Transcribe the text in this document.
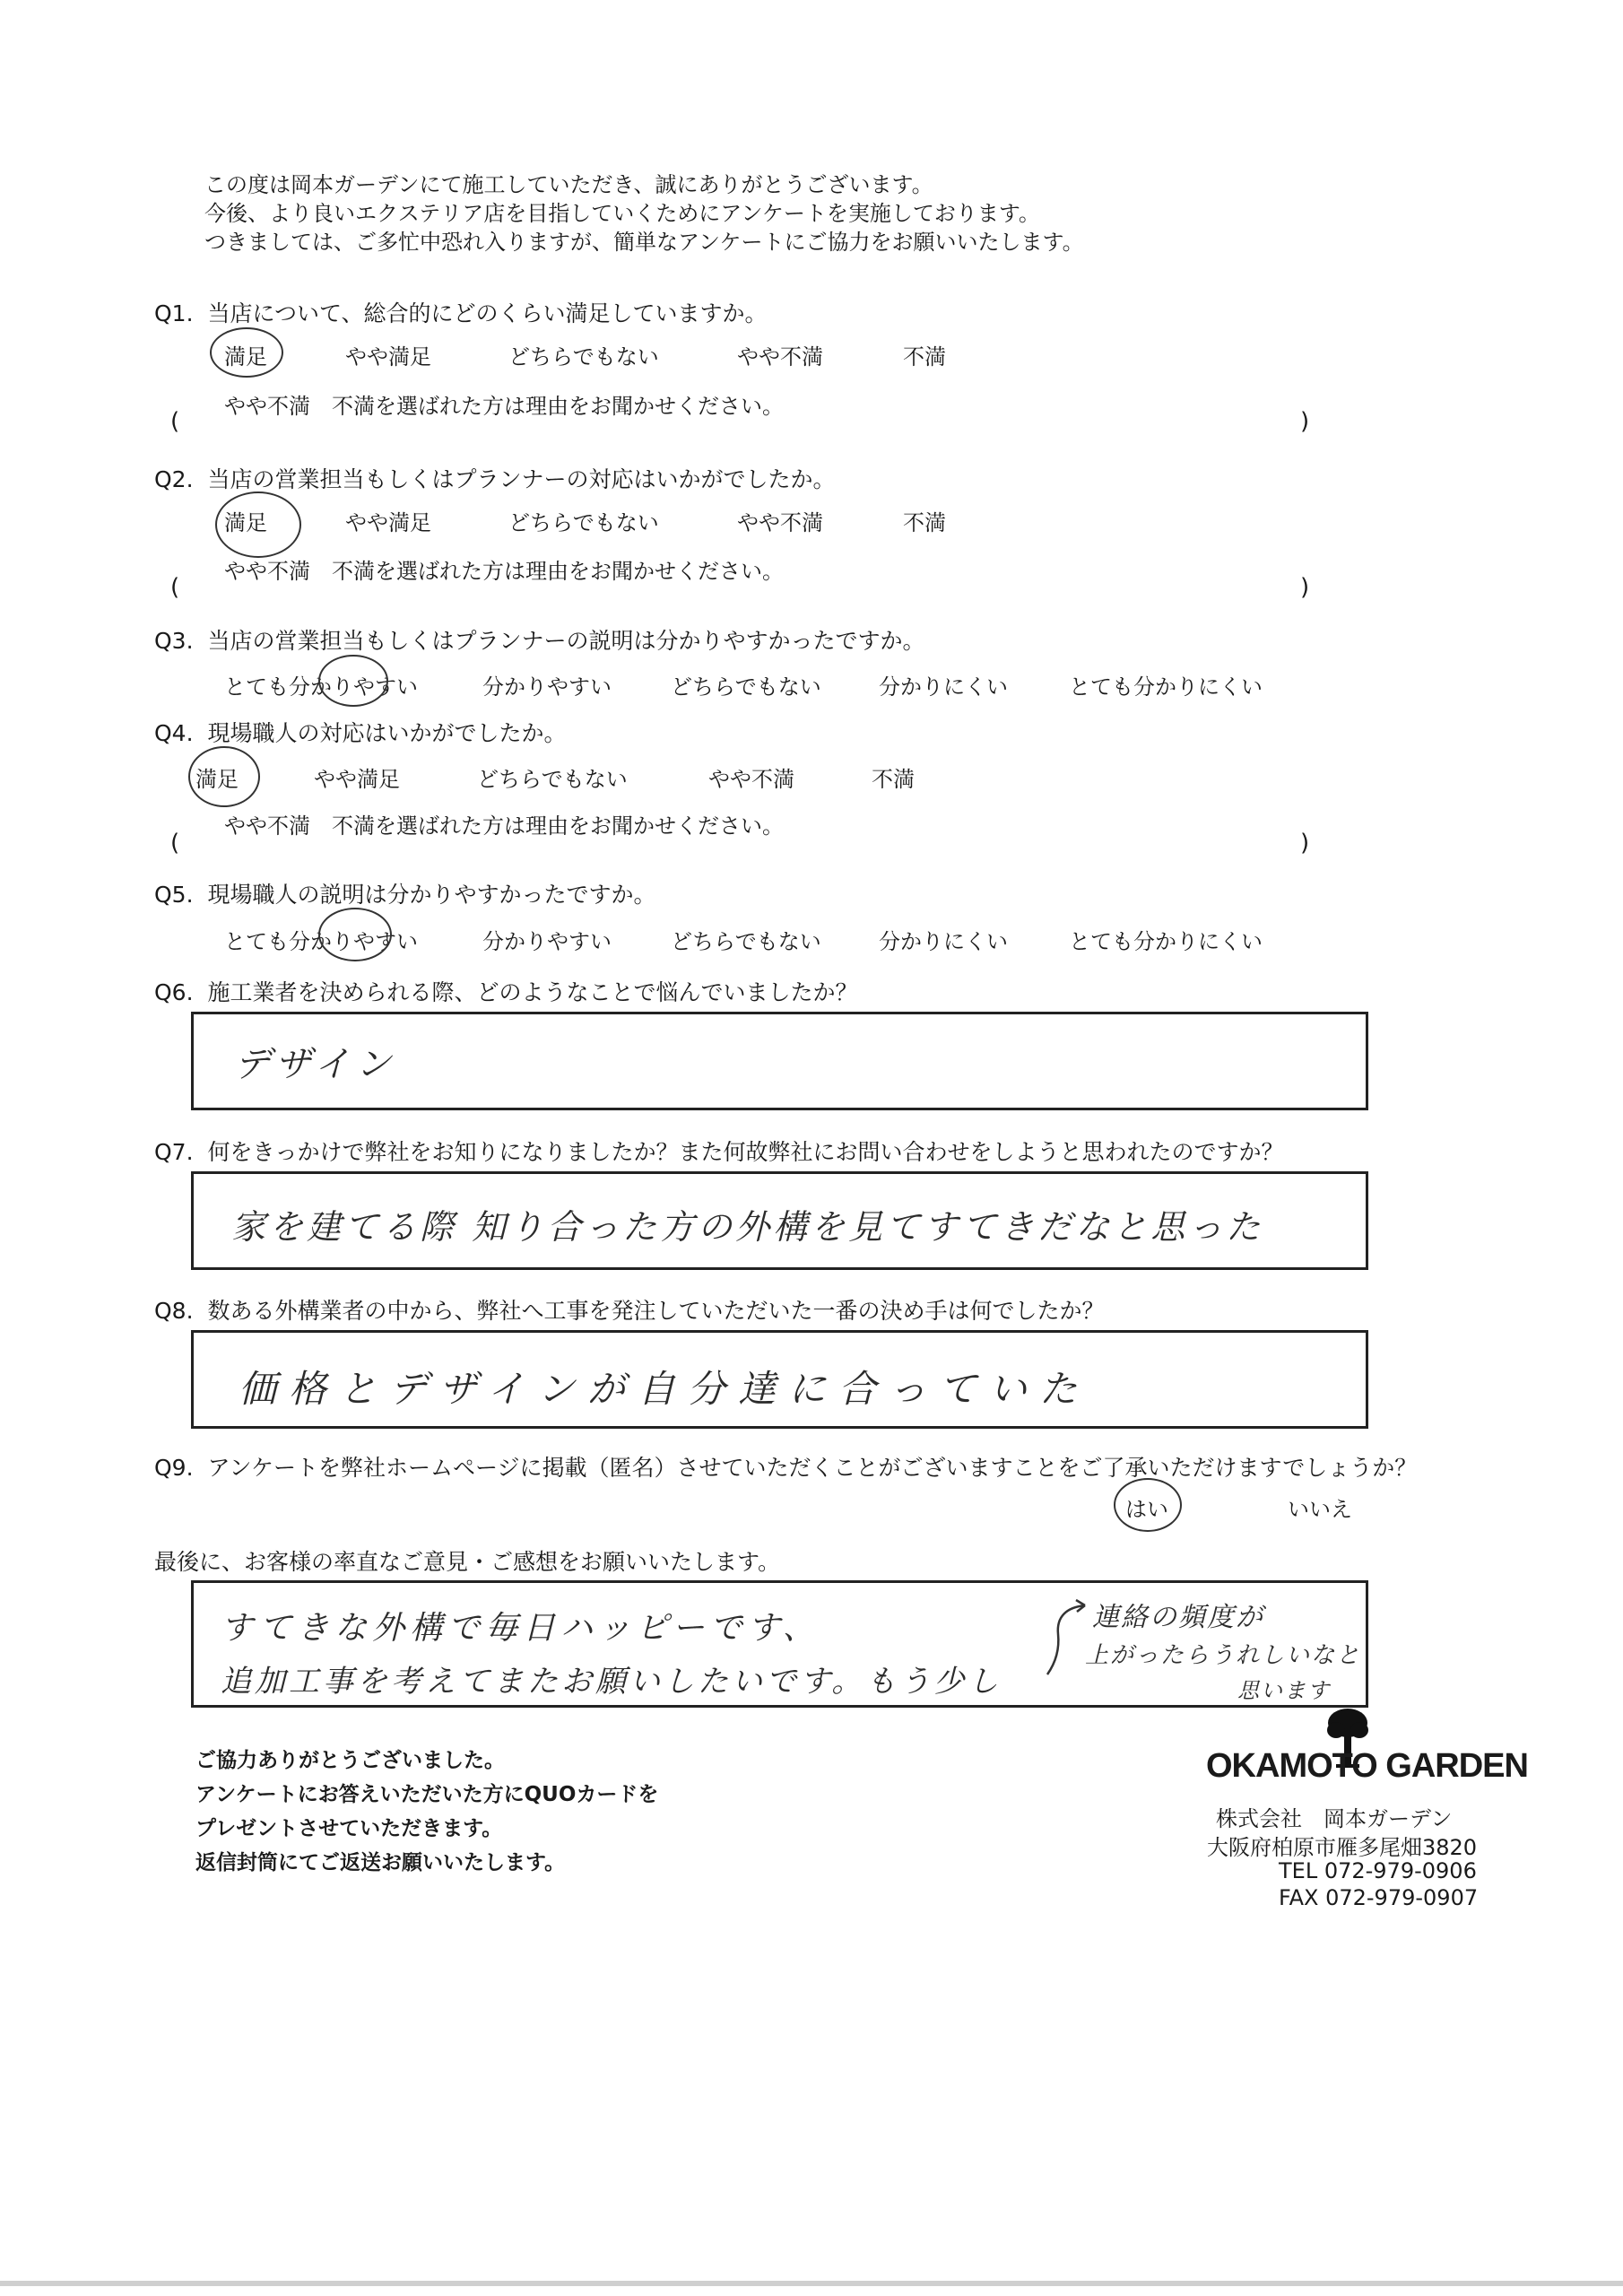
この度は岡本ガーデンにて施工していただき、誠にありがとうございます。
今後、より良いエクステリア店を目指していくためにアンケートを実施しております。
つきましては、ご多忙中恐れ入りますが、簡単なアンケートにご協力をお願いいたします。
Q1. 当店について、総合的にどのくらい満足していますか。
満足	やや満足	どちらでもない	やや不満	不満
やや不満　不満を選ばれた方は理由をお聞かせください。
(	)
Q2. 当店の営業担当もしくはプランナーの対応はいかがでしたか。
満足	やや満足	どちらでもない	やや不満	不満
やや不満　不満を選ばれた方は理由をお聞かせください。
(	)
Q3. 当店の営業担当もしくはプランナーの説明は分かりやすかったですか。
とても分かりやすい	分かりやすい	どちらでもない	分かりにくい	とても分かりにくい
Q4. 現場職人の対応はいかがでしたか。
満足	やや満足	どちらでもない	やや不満	不満
やや不満　不満を選ばれた方は理由をお聞かせください。
(	)
Q5. 現場職人の説明は分かりやすかったですか。
とても分かりやすい	分かりやすい	どちらでもない	分かりにくい	とても分かりにくい
Q6. 施工業者を決められる際、どのようなことで悩んでいましたか？
デザイン
Q7. 何をきっかけで弊社をお知りになりましたか？また何故弊社にお問い合わせをしようと思われたのですか？
家を建てる際 知り合った方の外構を見てすてきだなと思った
Q8. 数ある外構業者の中から、弊社へ工事を発注していただいた一番の決め手は何でしたか？
価格とデザインが自分達に合っていた
Q9. アンケートを弊社ホームページに掲載（匿名）させていただくことがございますことをご了承いただけますでしょうか？
はい	いいえ
最後に、お客様の率直なご意見・ご感想をお願いいたします。
すてきな外構で毎日ハッピーです、
追加工事を考えてまたお願いしたいです。もう少し
連絡の頻度が
上がったらうれしいなと
思います
ご協力ありがとうございました。
アンケートにお答えいただいた方にQUOカードを
プレゼントさせていただきます。
返信封筒にてご返送お願いいたします。
OKAMOTO GARDEN
株式会社　岡本ガーデン
大阪府柏原市雁多尾畑3820
TEL 072-979-0906
FAX 072-979-0907
